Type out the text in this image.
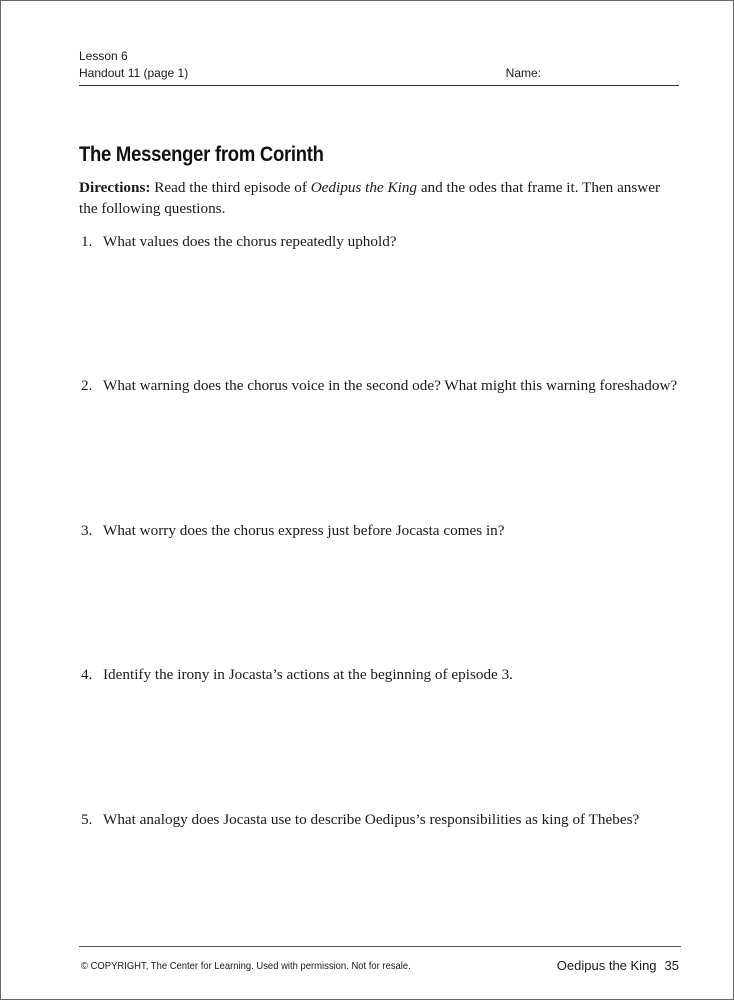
Lesson 6
Handout 11 (page 1)	Name:
The Messenger from Corinth
Directions: Read the third episode of Oedipus the King and the odes that frame it. Then answer the following questions.
1. What values does the chorus repeatedly uphold?
2. What warning does the chorus voice in the second ode? What might this warning foreshadow?
3. What worry does the chorus express just before Jocasta comes in?
4. Identify the irony in Jocasta’s actions at the beginning of episode 3.
5. What analogy does Jocasta use to describe Oedipus’s responsibilities as king of Thebes?
© COPYRIGHT, The Center for Learning. Used with permission. Not for resale.	Oedipus the King 35
